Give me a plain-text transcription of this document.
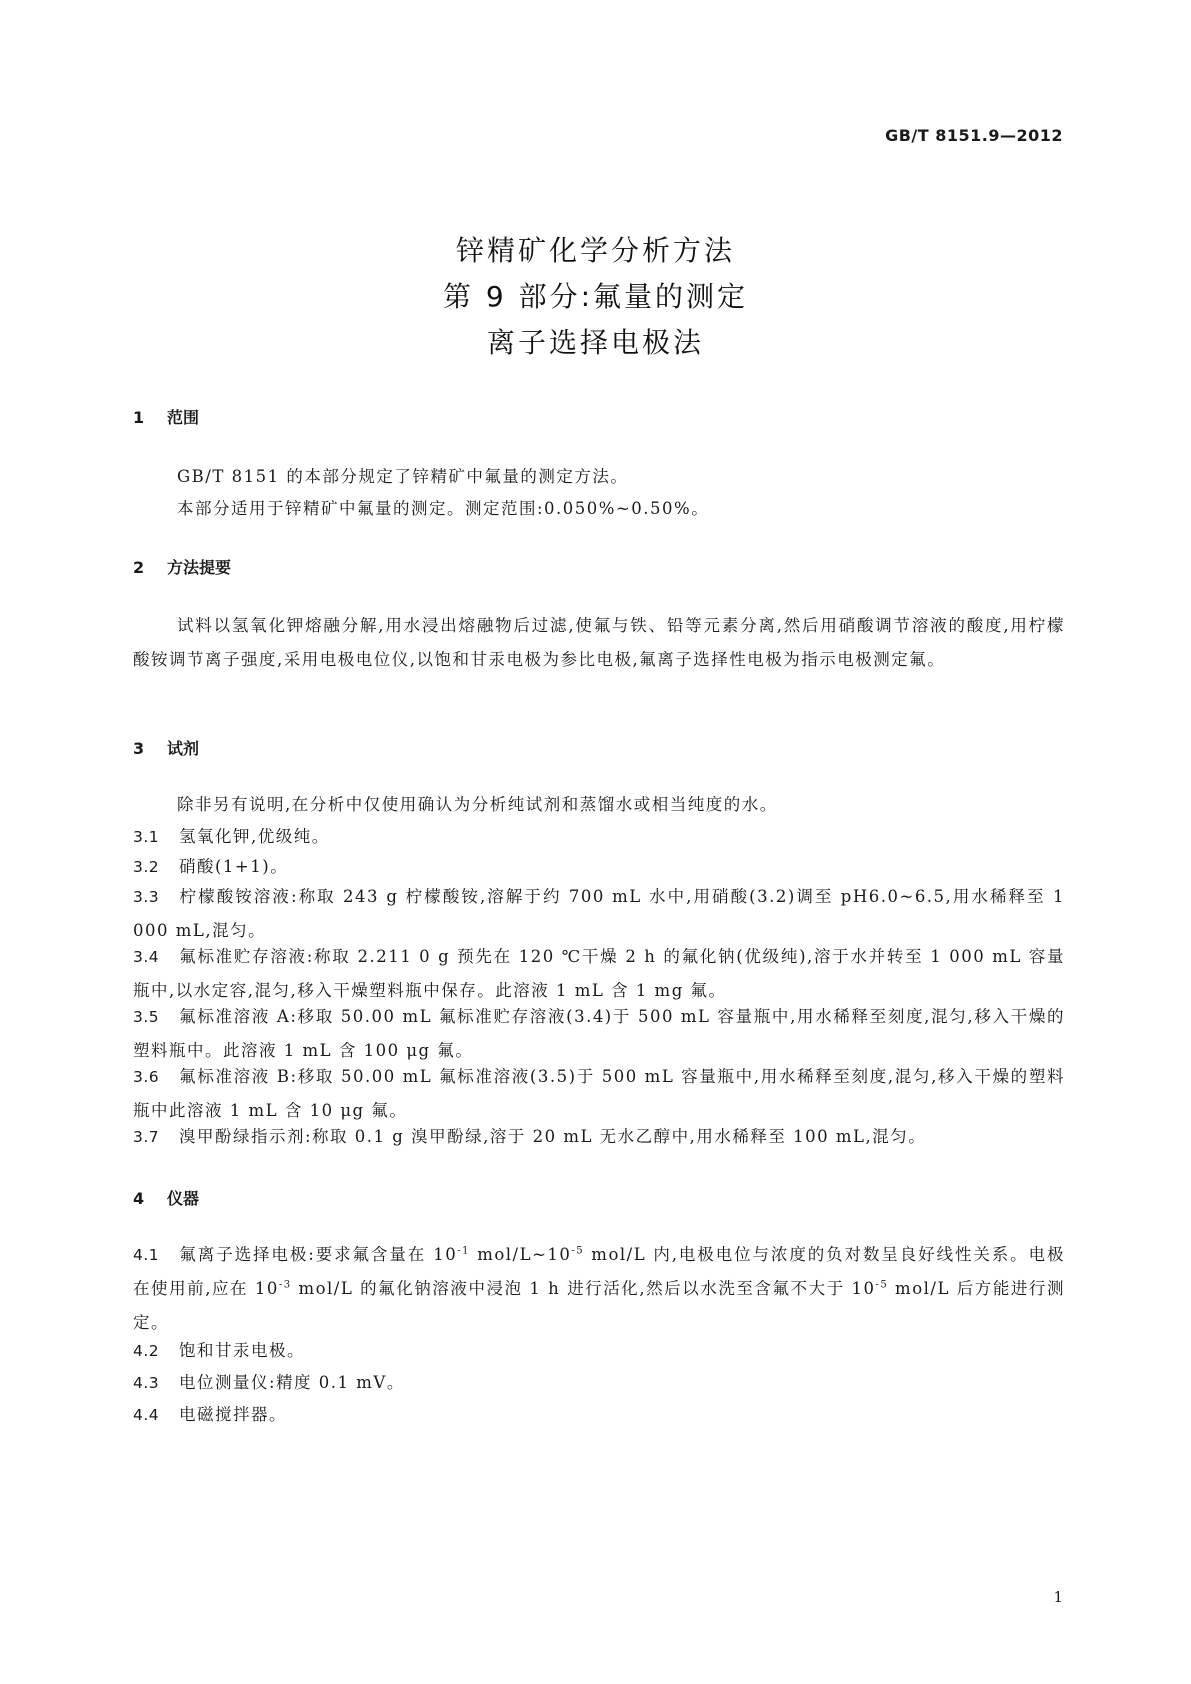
GB/T 8151.9—2012
锌精矿化学分析方法
第 9 部分:氟量的测定
离子选择电极法
1 范围
GB/T 8151 的本部分规定了锌精矿中氟量的测定方法。
本部分适用于锌精矿中氟量的测定。测定范围:0.050%~0.50%。
2 方法提要
试料以氢氧化钾熔融分解,用水浸出熔融物后过滤,使氟与铁、铅等元素分离,然后用硝酸调节溶液的酸度,用柠檬酸铵调节离子强度,采用电极电位仪,以饱和甘汞电极为参比电极,氟离子选择性电极为指示电极测定氟。
3 试剂
除非另有说明,在分析中仅使用确认为分析纯试剂和蒸馏水或相当纯度的水。
3.1 氢氧化钾,优级纯。
3.2 硝酸(1+1)。
3.3 柠檬酸铵溶液:称取 243 g 柠檬酸铵,溶解于约 700 mL 水中,用硝酸(3.2)调至 pH6.0~6.5,用水稀释至 1 000 mL,混匀。
3.4 氟标准贮存溶液:称取 2.211 0 g 预先在 120 ℃干燥 2 h 的氟化钠(优级纯),溶于水并转至 1 000 mL 容量瓶中,以水定容,混匀,移入干燥塑料瓶中保存。此溶液 1 mL 含 1 mg 氟。
3.5 氟标准溶液 A:移取 50.00 mL 氟标准贮存溶液(3.4)于 500 mL 容量瓶中,用水稀释至刻度,混匀,移入干燥的塑料瓶中。此溶液 1 mL 含 100 μg 氟。
3.6 氟标准溶液 B:移取 50.00 mL 氟标准溶液(3.5)于 500 mL 容量瓶中,用水稀释至刻度,混匀,移入干燥的塑料瓶中此溶液 1 mL 含 10 μg 氟。
3.7 溴甲酚绿指示剂:称取 0.1 g 溴甲酚绿,溶于 20 mL 无水乙醇中,用水稀释至 100 mL,混匀。
4 仪器
4.1 氟离子选择电极:要求氟含量在 $10^{-1}$ mol/$L\sim 10^{-5}$ mol/L 内,电极电位与浓度的负对数呈良好线性关系。电极在使用前,应在 $10^{-3}$ mol/L 的氟化钠溶液中浸泡 1 h 进行活化,然后以水洗至含氟不大于 $10^{-5}$ mol/L 后方能进行测定。
4.2 饱和甘汞电极。
4.3 电位测量仪:精度 0.1 mV。
4.4 电磁搅拌器。
1
